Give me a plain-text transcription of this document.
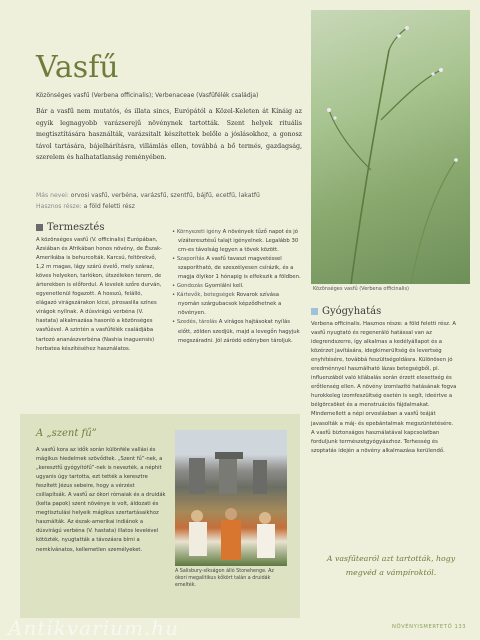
Vasfű
Közönséges vasfű (Verbena officinalis); Verbenaceae (Vasfűfélék családja)
Bár a vasfű nem mutatós, és illata sincs, Európától a Közel-Keleten át Kínáig az egyik legnagyobb varázserejű növénynek tartották. Szent helyek rituális megtisztítására használták, varázsitalt készítettek belőle a jóslásokhoz, a gonosz távol tartására, bájelhárításra, villámlás ellen, továbbá a bő termés, gazdagság, szerelem és halhatatlanság reményében.
Más nevei: orvosi vasfű, verbéna, varázsfű, szentfű, bájfű, ecetfű, lakatfű
Hasznos része: a föld feletti rész
Közönséges vasfű (Verbena officinalis)
Termesztés
A közönséges vasfű (V. officinalis) Európában, Ázsiában és Afrikában honos növény, de Észak-Amerikába is behurcolták. Karcsú, feltörekvő, 1,2 m magas, lágy szárú évelő, mely száraz, köves helyeken, tarlókon, útszéleken terem, de árterekben is előfordul. A levelek szőre durván, egyenetlenül fogazott. A hosszú, felálló, elágazó virágszárakon kicsi, pirosaslila színes virágok nyílnak. A dúsvirágú verbéna (V. hastata) alkalmazása hasonló a közönséges vasfűével. A szintén a vasfűfélék családjába tartozó ananászverbéna (Nashia inaguensis) herbatea készítéséhez használatos.

• Környezeti igény A növények tűző napot és jó vízáteresztésű talajt igényelnek. Legalább 30 cm-es távolság legyen a tövek között.

• Szaporítás A vasfű tavaszi magvetéssel szaporítható, de szeszélyesen csírázik, és a magja ölyikor 1 hónapig is elfekszik a földben.

• Gondozás Gyomlálni kell.

• Kártevők, betegségek Rovarok szívása nyomán szárgubacsok képződhetnek a növényen.

• Szedés, tárolás A virágos hajtásokat nyílás előtt, zölden szedjük, majd a levegőn hagyjuk megszáradni. Jól záródó edényben tároljuk.

Gyógyhatás

Verbena officinalis. Hasznos része: a föld feletti rész. A vasfű nyugtató és regeneráló hatással van az idegrendszerre, így alkalmas a kedélyállapot és a közérzet javítására, idegkimerültség és levertség enyhítésére, továbbá feszültségoldásra. Különösen jó eredménnyel használható lázas betegségből, pl. influenzából való kilábalás során érzett elesettség és erőtlenség ellen. A növény izomlazító hatásának fogva hurokkeleg izomfeszültség esetén is segít, ideértve a bélgörcsöket és a menstruációs fájdalmakat.

Mindemellett a népi orvoslásban a vasfű teáját javasolták a máj- és epebántalmak megszüntetésére.

A vasfű biztonságos használatával kapcsolatban forduljunk természetgyógyászhoz. Terhesség és szoptatás idején a növény alkalmazása kerülendő.

A „szent fű”
A vasfű kora az idők során különféle vallási és mágikus hiedelmek szövődtek. „Szent fű”-nek, a „keresztfű gyógyítófű”-nek is nevezték, a néphit ugyanis úgy tartotta, ezt tették a keresztre feszített Jézus sebeire, hogy a vérzést csillapítsák. A vasfű az ókori rómaiak és a druidák (kelta papok) szent növénye is volt, áldozati és megtisztulási helyeik mágikus szertartásaikhoz használták. Az észak-amerikai indiánok a dúsvirágú verbéna (V. hastata) illatos levelével kötözték, nyugtatták a távozásra bírni a nemkívánatos, kellemetlen személyeket.
A Salisbury-síkságon álló Stonehenge. Az ókori megalitikus kőkört talán a druidák emelték.
A vasfűtearól azt tartották, hogy megvéd a vámpíroktól.
NÖVÉNYISMERTETŐ 133
Antikvarium.hu
